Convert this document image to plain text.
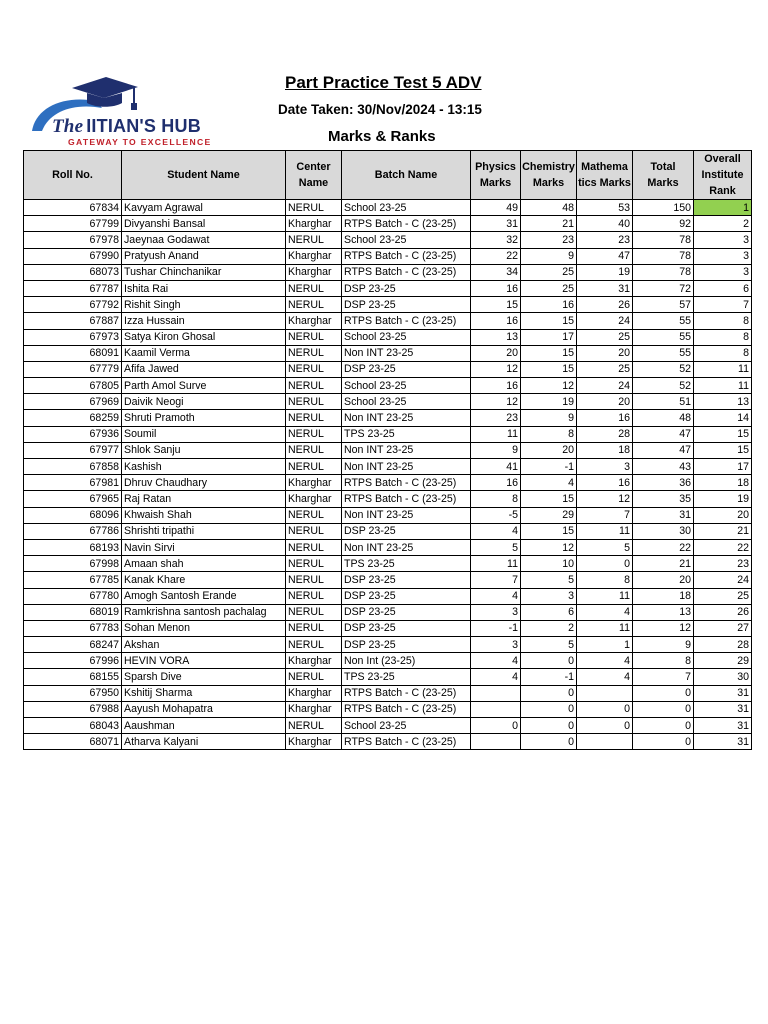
The IITIAN'S HUB
GATEWAY TO EXCELLENCE
Part Practice Test 5 ADV
Date Taken: 30/Nov/2024 - 13:15
Marks & Ranks
Roll No.	Student Name	Center Name	Batch Name	Physics Marks	Chemistry Marks	Mathema tics Marks	Total Marks	Overall Institute Rank
67834	Kavyam Agrawal	NERUL	School 23-25	49	48	53	150	1
67799	Divyanshi Bansal	Kharghar	RTPS Batch - C (23-25)	31	21	40	92	2
67978	Jaeynaa Godawat	NERUL	School 23-25	32	23	23	78	3
67990	Pratyush Anand	Kharghar	RTPS Batch - C (23-25)	22	9	47	78	3
68073	Tushar Chinchanikar	Kharghar	RTPS Batch - C (23-25)	34	25	19	78	3
67787	Ishita Rai	NERUL	DSP 23-25	16	25	31	72	6
67792	Rishit Singh	NERUL	DSP 23-25	15	16	26	57	7
67887	Izza Hussain	Kharghar	RTPS Batch - C (23-25)	16	15	24	55	8
67973	Satya Kiron Ghosal	NERUL	School 23-25	13	17	25	55	8
68091	Kaamil Verma	NERUL	Non INT 23-25	20	15	20	55	8
67779	Afifa Jawed	NERUL	DSP 23-25	12	15	25	52	11
67805	Parth Amol Surve	NERUL	School 23-25	16	12	24	52	11
67969	Daivik Neogi	NERUL	School 23-25	12	19	20	51	13
68259	Shruti Pramoth	NERUL	Non INT 23-25	23	9	16	48	14
67936	Soumil	NERUL	TPS 23-25	11	8	28	47	15
67977	Shlok Sanju	NERUL	Non INT 23-25	9	20	18	47	15
67858	Kashish	NERUL	Non INT 23-25	41	-1	3	43	17
67981	Dhruv Chaudhary	Kharghar	RTPS Batch - C (23-25)	16	4	16	36	18
67965	Raj Ratan	Kharghar	RTPS Batch - C (23-25)	8	15	12	35	19
68096	Khwaish Shah	NERUL	Non INT 23-25	-5	29	7	31	20
67786	Shrishti tripathi	NERUL	DSP 23-25	4	15	11	30	21
68193	Navin Sirvi	NERUL	Non INT 23-25	5	12	5	22	22
67998	Amaan shah	NERUL	TPS 23-25	11	10	0	21	23
67785	Kanak Khare	NERUL	DSP 23-25	7	5	8	20	24
67780	Amogh Santosh Erande	NERUL	DSP 23-25	4	3	11	18	25
68019	Ramkrishna santosh pachalag	NERUL	DSP 23-25	3	6	4	13	26
67783	Sohan Menon	NERUL	DSP 23-25	-1	2	11	12	27
68247	Akshan	NERUL	DSP 23-25	3	5	1	9	28
67996	HEVIN VORA	Kharghar	Non Int (23-25)	4	0	4	8	29
68155	Sparsh Dive	NERUL	TPS 23-25	4	-1	4	7	30
67950	Kshitij Sharma	Kharghar	RTPS Batch - C (23-25)		0		0	31
67988	Aayush Mohapatra	Kharghar	RTPS Batch - C (23-25)		0	0	0	31
68043	Aaushman	NERUL	School 23-25	0	0	0	0	31
68071	Atharva Kalyani	Kharghar	RTPS Batch - C (23-25)		0		0	31
